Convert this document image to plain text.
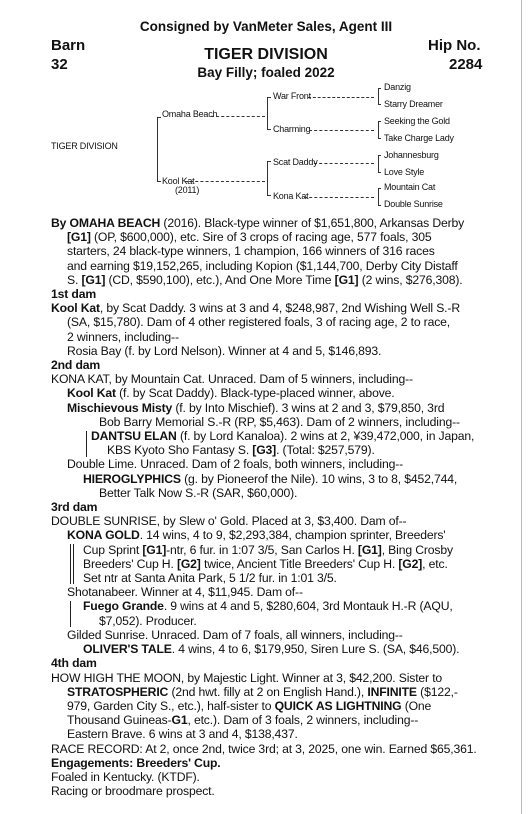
Consigned by VanMeter Sales, Agent III
Barn
32
Hip No.
2284
TIGER DIVISION
Bay Filly; foaled 2022
TIGER DIVISION
Omaha Beach
Kool Kat
(2011)
War Front
Charming
Scat Daddy
Kona Kat
Danzig
Starry Dreamer
Seeking the Gold
Take Charge Lady
Johannesburg
Love Style
Mountain Cat
Double Sunrise
By OMAHA BEACH (2016). Black-type winner of $1,651,800, Arkansas Derby
[G1] (OP, $600,000), etc. Sire of 3 crops of racing age, 577 foals, 305
starters, 24 black-type winners, 1 champion, 166 winners of 316 races
and earning $19,152,265, including Kopion ($1,144,700, Derby City Distaff
S. [G1] (CD, $590,100), etc.), And One More Time [G1] (2 wins, $276,308).
1st dam
Kool Kat, by Scat Daddy. 3 wins at 3 and 4, $248,987, 2nd Wishing Well S.-R
(SA, $15,780). Dam of 4 other registered foals, 3 of racing age, 2 to race,
2 winners, including--
Rosia Bay (f. by Lord Nelson). Winner at 4 and 5, $146,893.
2nd dam
KONA KAT, by Mountain Cat. Unraced. Dam of 5 winners, including--
Kool Kat (f. by Scat Daddy). Black-type-placed winner, above.
Mischievous Misty (f. by Into Mischief). 3 wins at 2 and 3, $79,850, 3rd
Bob Barry Memorial S.-R (RP, $5,463). Dam of 2 winners, including--
DANTSU ELAN (f. by Lord Kanaloa). 2 wins at 2, ¥39,472,000, in Japan,
KBS Kyoto Sho Fantasy S. [G3]. (Total: $257,579).
Double Lime. Unraced. Dam of 2 foals, both winners, including--
HIEROGLYPHICS (g. by Pioneerof the Nile). 10 wins, 3 to 8, $452,744,
Better Talk Now S.-R (SAR, $60,000).
3rd dam
DOUBLE SUNRISE, by Slew o' Gold. Placed at 3, $3,400. Dam of--
KONA GOLD. 14 wins, 4 to 9, $2,293,384, champion sprinter, Breeders'
Cup Sprint [G1]-ntr, 6 fur. in 1:07 3/5, San Carlos H. [G1], Bing Crosby
Breeders' Cup H. [G2] twice, Ancient Title Breeders' Cup H. [G2], etc.
Set ntr at Santa Anita Park, 5 1/2 fur. in 1:01 3/5.
Shotanabeer. Winner at 4, $11,945. Dam of--
Fuego Grande. 9 wins at 4 and 5, $280,604, 3rd Montauk H.-R (AQU,
$7,052). Producer.
Gilded Sunrise. Unraced. Dam of 7 foals, all winners, including--
OLIVER'S TALE. 4 wins, 4 to 6, $179,950, Siren Lure S. (SA, $46,500).
4th dam
HOW HIGH THE MOON, by Majestic Light. Winner at 3, $42,200. Sister to
STRATOSPHERIC (2nd hwt. filly at 2 on English Hand.), INFINITE ($122,-
979, Garden City S., etc.), half-sister to QUICK AS LIGHTNING (One
Thousand Guineas-G1, etc.). Dam of 3 foals, 2 winners, including--
Eastern Brave. 6 wins at 3 and 4, $138,437.
RACE RECORD: At 2, once 2nd, twice 3rd; at 3, 2025, one win. Earned $65,361.
Engagements: Breeders' Cup.
Foaled in Kentucky. (KTDF).
Racing or broodmare prospect.
